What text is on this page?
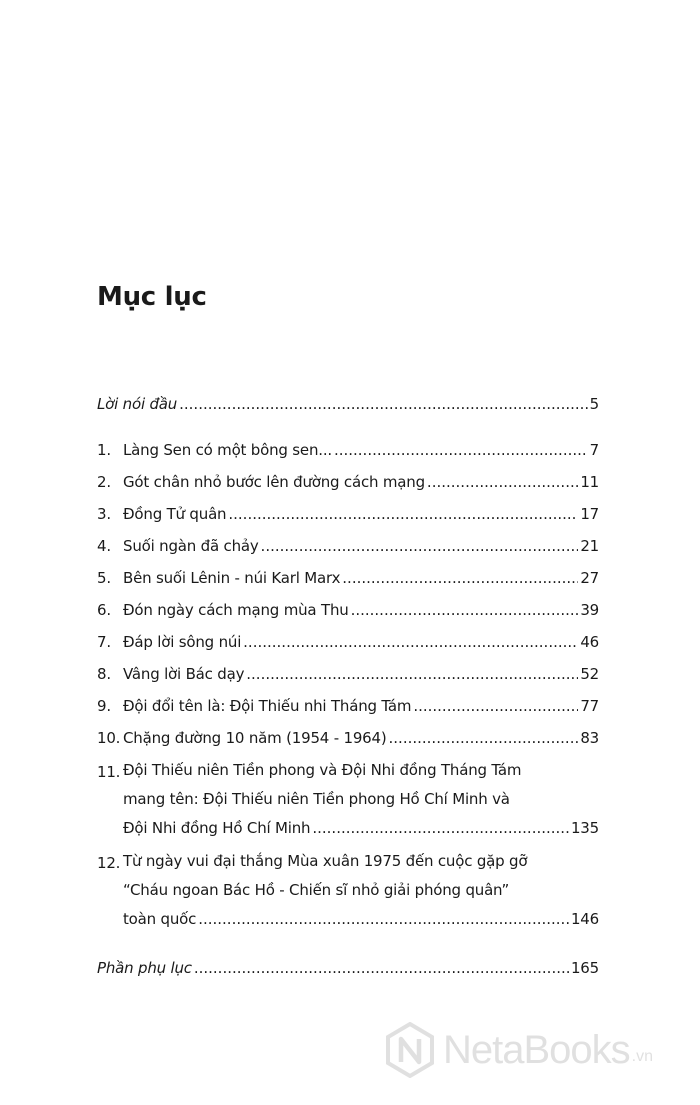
Mục lục
Lời nói đầu .....	5
1. Làng Sen có một bông sen... .....	7
2. Gót chân nhỏ bước lên đường cách mạng .....	11
3. Đồng Tử quân .....	17
4. Suối ngàn đã chảy .....	21
5. Bên suối Lênin - núi Karl Marx .....	27
6. Đón ngày cách mạng mùa Thu .....	39
7. Đáp lời sông núi .....	46
8. Vâng lời Bác dạy .....	52
9. Đội đổi tên là: Đội Thiếu nhi Tháng Tám .....	77
10. Chặng đường 10 năm (1954 - 1964) .....	83
11. Đội Thiếu niên Tiền phong và Đội Nhi đồng Tháng Tám
mang tên: Đội Thiếu niên Tiền phong Hồ Chí Minh và
Đội Nhi đồng Hồ Chí Minh .....	135
12. Từ ngày vui đại thắng Mùa xuân 1975 đến cuộc gặp gỡ
“Cháu ngoan Bác Hồ - Chiến sĩ nhỏ giải phóng quân”
toàn quốc .....	146
Phần phụ lục .....	165
NetaBooks .vn
